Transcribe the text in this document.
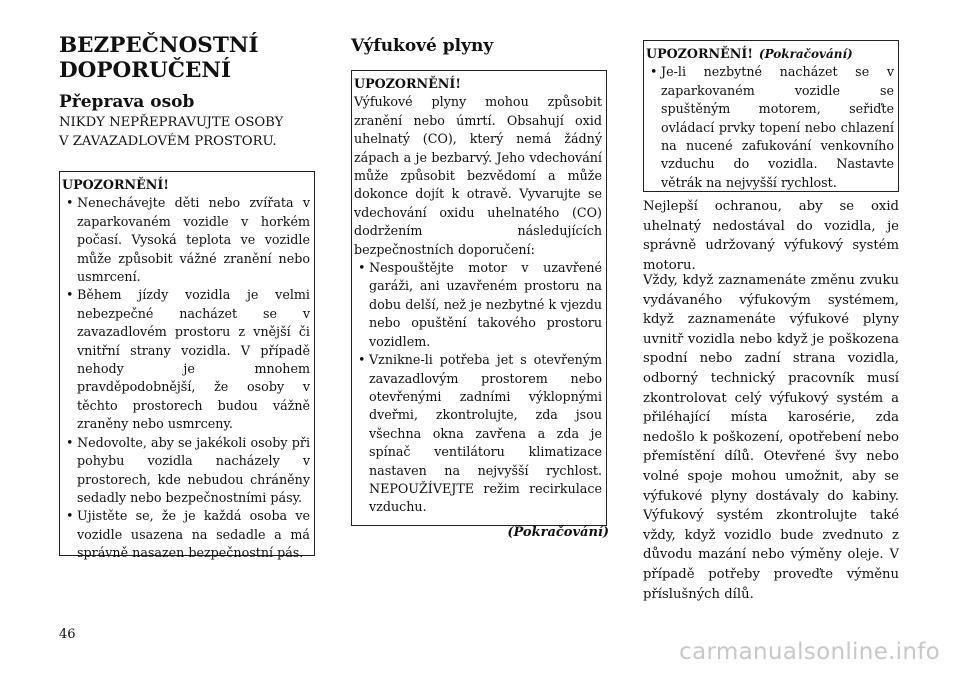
BEZPEČNOSTNÍ
DOPORUČENÍ
Přeprava osob

NIKDY NEPŘEPRAVUJTE OSOBY
V ZAVAZADLOVÉM PROSTORU.

UPOZORNĚNÍ!
• Nenechávejte děti nebo zvířata v zaparkovaném vozidle v horkém počasí. Vysoká teplota ve vozidle může způsobit vážné zranění nebo usmrcení.
• Během jízdy vozidla je velmi nebezpečné nacházet se v zavazadlovém prostoru z vnější či vnitřní strany vozidla. V případě nehody je mnohem pravděpodobnější, že osoby v těchto prostorech budou vážně zraněny nebo usmrceny.
• Nedovolte, aby se jakékoli osoby při pohybu vozidla nacházely v prostorech, kde nebudou chráněny sedadly nebo bezpečnostními pásy.
• Ujistěte se, že je každá osoba ve vozidle usazena na sedadle a má správně nasazen bezpečnostní pás.
Výfukové plyny
UPOZORNĚNÍ!

Výfukové plyny mohou způsobit zranění nebo úmrtí. Obsahují oxid uhelnatý (CO), který nemá žádný zápach a je bezbarvý. Jeho vdechování může způsobit bezvědomí a může dokonce dojít k otravě. Vyvarujte se vdechování oxidu uhelnatého (CO) dodržením následujících bezpečnostních doporučení:

• Nespouštějte motor v uzavřené garáži, ani uzavřeném prostoru na dobu delší, než je nezbytné k vjezdu nebo opuštění takového prostoru vozidlem.
• Vznikne-li potřeba jet s otevřeným zavazadlovým prostorem nebo otevřenými zadními výklopnými dveřmi, zkontrolujte, zda jsou všechna okna zavřena a zda je spínač ventilátoru klimatizace nastaven na nejvyšší rychlost. NEPOUŽÍVEJTE režim recirkulace vzduchu.

(Pokračování)

UPOZORNĚNÍ! (Pokračování)
• Je-li nezbytné nacházet se v zaparkovaném vozidle se spuštěným motorem, seřiďte ovládací prvky topení nebo chlazení na nucené zafukování venkovního vzduchu do vozidla. Nastavte větrák na nejvyšší rychlost.

Nejlepší ochranou, aby se oxid uhelnatý nedostával do vozidla, je správně udržovaný výfukový systém motoru.

Vždy, když zaznamenáte změnu zvuku vydávaného výfukovým systémem, když zaznamenáte výfukové plyny uvnitř vozidla nebo když je poškozena spodní nebo zadní strana vozidla, odborný technický pracovník musí zkontrolovat celý výfukový systém a přiléhající místa karosérie, zda nedošlo k poškození, opotřebení nebo přemístění dílů. Otevřené švy nebo volné spoje mohou umožnit, aby se výfukové plyny dostávaly do kabiny. Výfukový systém zkontrolujte také vždy, když vozidlo bude zvednuto z důvodu mazání nebo výměny oleje. V případě potřeby proveďte výměnu příslušných dílů.

46

carmanualsonline.info
